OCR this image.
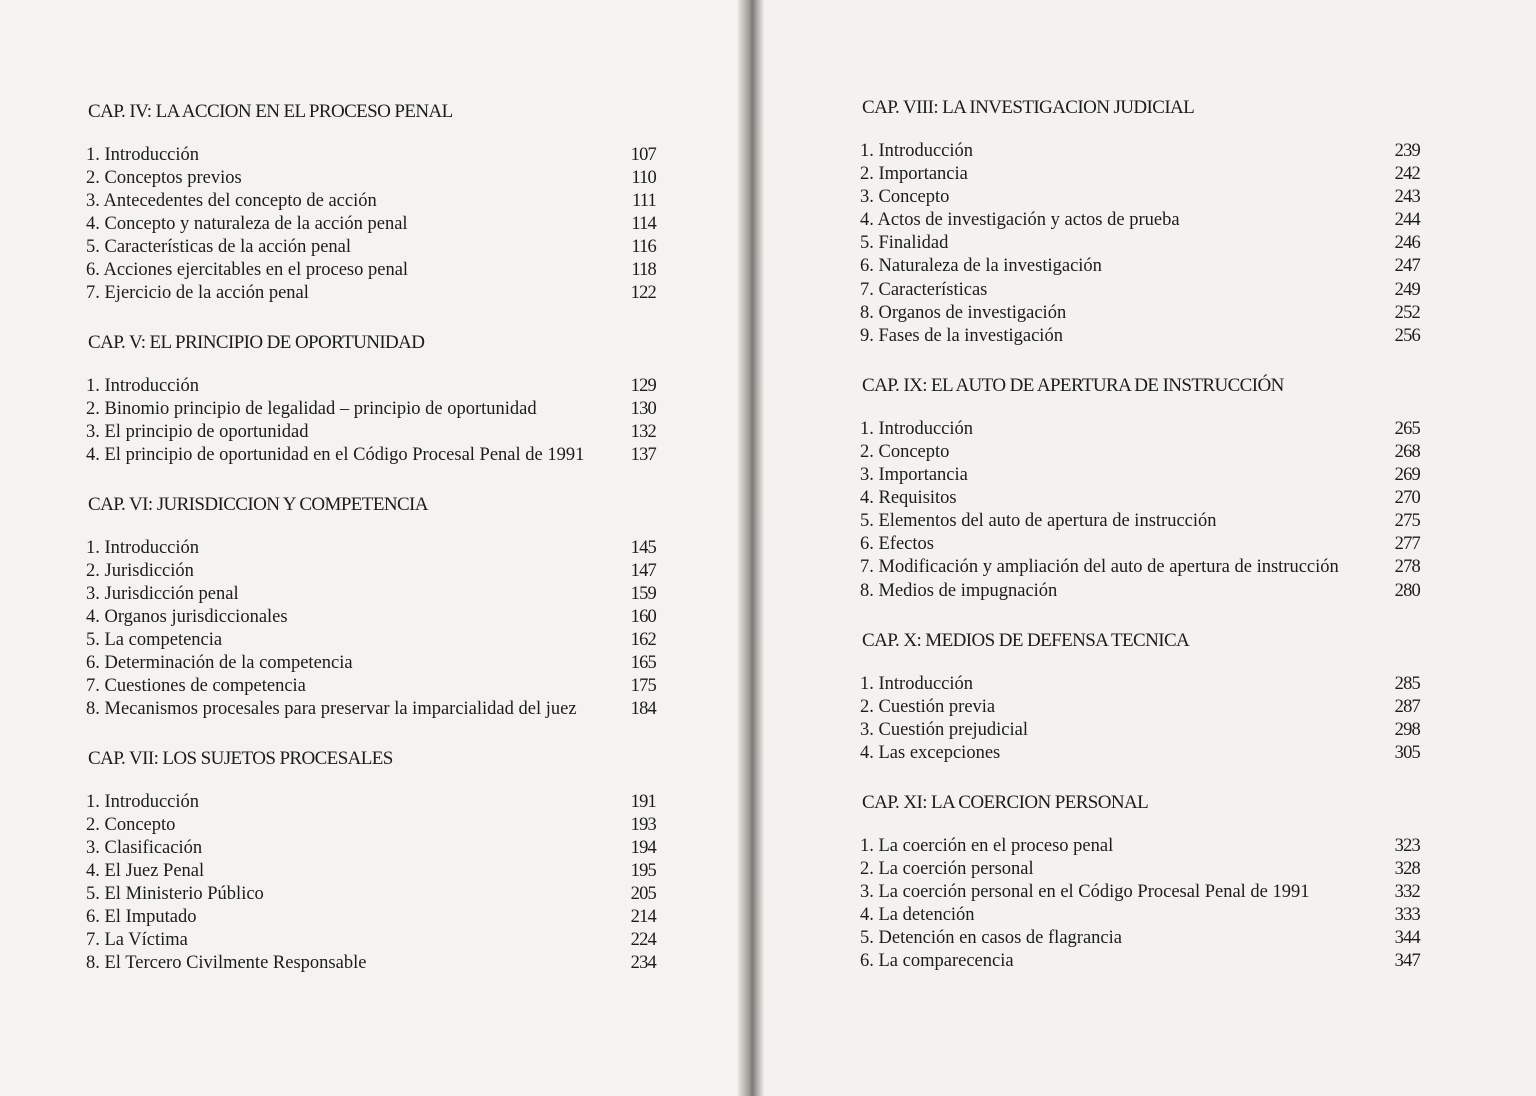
CAP. IV: LA ACCION EN EL PROCESO PENAL
1. Introducción	107
2. Conceptos previos	110
3. Antecedentes del concepto de acción	111
4. Concepto y naturaleza de la acción penal	114
5. Características de la acción penal	116
6. Acciones ejercitables en el proceso penal	118
7. Ejercicio de la acción penal	122
CAP. V: EL PRINCIPIO DE OPORTUNIDAD
1. Introducción	129
2. Binomio principio de legalidad – principio de oportunidad	130
3. El principio de oportunidad	132
4. El principio de oportunidad en el Código Procesal Penal de 1991	137
CAP. VI: JURISDICCION Y COMPETENCIA
1. Introducción	145
2. Jurisdicción	147
3. Jurisdicción penal	159
4. Organos jurisdiccionales	160
5. La competencia	162
6. Determinación de la competencia	165
7. Cuestiones de competencia	175
8. Mecanismos procesales para preservar la imparcialidad del juez	184
CAP. VII: LOS SUJETOS PROCESALES
1. Introducción	191
2. Concepto	193
3. Clasificación	194
4. El Juez Penal	195
5. El Ministerio Público	205
6. El Imputado	214
7. La Víctima	224
8. El Tercero Civilmente Responsable	234
CAP. VIII: LA INVESTIGACION JUDICIAL
1. Introducción	239
2. Importancia	242
3. Concepto	243
4. Actos de investigación y actos de prueba	244
5. Finalidad	246
6. Naturaleza de la investigación	247
7. Características	249
8. Organos de investigación	252
9. Fases de la investigación	256
CAP. IX: EL AUTO DE APERTURA DE INSTRUCCIÓN
1. Introducción	265
2. Concepto	268
3. Importancia	269
4. Requisitos	270
5. Elementos del auto de apertura de instrucción	275
6. Efectos	277
7. Modificación y ampliación del auto de apertura de instrucción	278
8. Medios de impugnación	280
CAP. X: MEDIOS DE DEFENSA TECNICA
1. Introducción	285
2. Cuestión previa	287
3. Cuestión prejudicial	298
4. Las excepciones	305
CAP. XI: LA COERCION PERSONAL
1. La coerción en el proceso penal	323
2. La coerción personal	328
3. La coerción personal en el Código Procesal Penal de 1991	332
4. La detención	333
5. Detención en casos de flagrancia	344
6. La comparecencia	347
